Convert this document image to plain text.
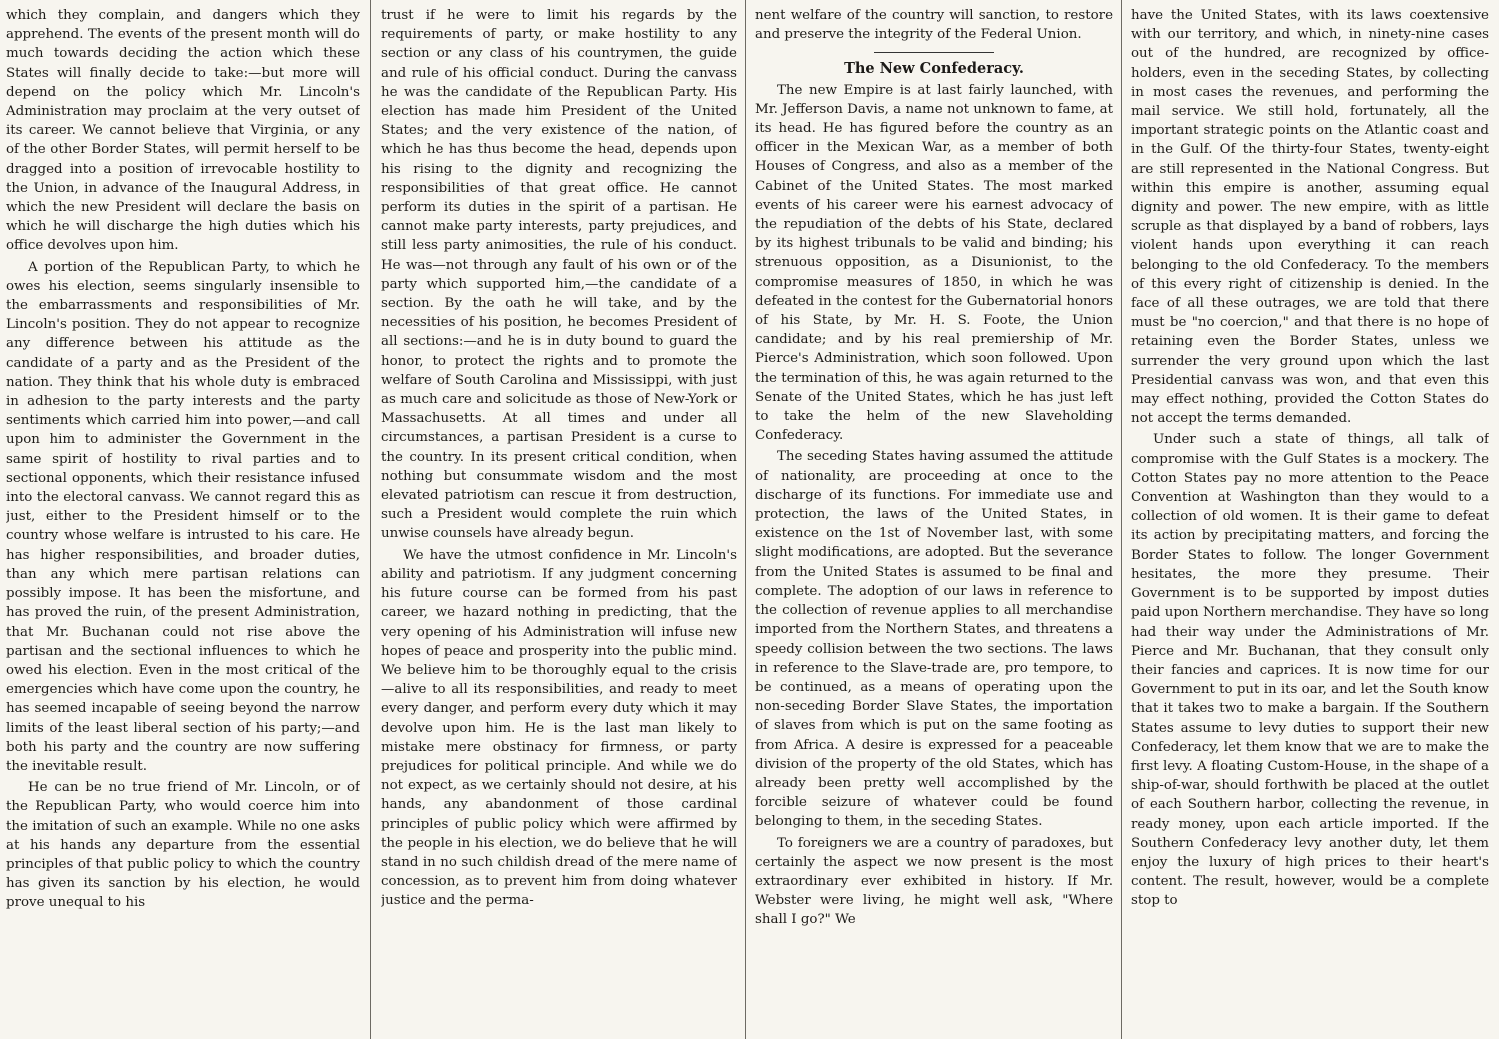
which they complain, and dangers which they apprehend. The events of the present month will do much towards deciding the action which these States will finally decide to take:—but more will depend on the policy which Mr. Lincoln's Administration may proclaim at the very outset of its career. We cannot believe that Virginia, or any of the other Border States, will permit herself to be dragged into a position of irrevocable hostility to the Union, in advance of the Inaugural Address, in which the new President will declare the basis on which he will discharge the high duties which his office devolves upon him.

A portion of the Republican Party, to which he owes his election, seems singularly insensible to the embarrassments and responsibilities of Mr. Lincoln's position. They do not appear to recognize any difference between his attitude as the candidate of a party and as the President of the nation. They think that his whole duty is embraced in adhesion to the party interests and the party sentiments which carried him into power,—and call upon him to administer the Government in the same spirit of hostility to rival parties and to sectional opponents, which their resistance infused into the electoral canvass. We cannot regard this as just, either to the President himself or to the country whose welfare is intrusted to his care. He has higher responsibilities, and broader duties, than any which mere partisan relations can possibly impose. It has been the misfortune, and has proved the ruin, of the present Administration, that Mr. Buchanan could not rise above the partisan and the sectional influences to which he owed his election. Even in the most critical of the emergencies which have come upon the country, he has seemed incapable of seeing beyond the narrow limits of the least liberal section of his party;—and both his party and the country are now suffering the inevitable result.

He can be no true friend of Mr. Lincoln, or of the Republican Party, who would coerce him into the imitation of such an example. While no one asks at his hands any departure from the essential principles of that public policy to which the country has given its sanction by his election, he would prove unequal to his

trust if he were to limit his regards by the requirements of party, or make hostility to any section or any class of his countrymen, the guide and rule of his official conduct. During the canvass he was the candidate of the Republican Party. His election has made him President of the United States; and the very existence of the nation, of which he has thus become the head, depends upon his rising to the dignity and recognizing the responsibilities of that great office. He cannot perform its duties in the spirit of a partisan. He cannot make party interests, party prejudices, and still less party animosities, the rule of his conduct. He was—not through any fault of his own or of the party which supported him,—the candidate of a section. By the oath he will take, and by the necessities of his position, he becomes President of all sections:—and he is in duty bound to guard the honor, to protect the rights and to promote the welfare of South Carolina and Mississippi, with just as much care and solicitude as those of New-York or Massachusetts. At all times and under all circumstances, a partisan President is a curse to the country. In its present critical condition, when nothing but consummate wisdom and the most elevated patriotism can rescue it from destruction, such a President would complete the ruin which unwise counsels have already begun.

We have the utmost confidence in Mr. Lincoln's ability and patriotism. If any judgment concerning his future course can be formed from his past career, we hazard nothing in predicting, that the very opening of his Administration will infuse new hopes of peace and prosperity into the public mind. We believe him to be thoroughly equal to the crisis—alive to all its responsibilities, and ready to meet every danger, and perform every duty which it may devolve upon him. He is the last man likely to mistake mere obstinacy for firmness, or party prejudices for political principle. And while we do not expect, as we certainly should not desire, at his hands, any abandonment of those cardinal principles of public policy which were affirmed by the people in his election, we do believe that he will stand in no such childish dread of the mere name of concession, as to prevent him from doing whatever justice and the perma-

nent welfare of the country will sanction, to restore and preserve the integrity of the Federal Union.

The New Confederacy.

The new Empire is at last fairly launched, with Mr. Jefferson Davis, a name not unknown to fame, at its head. He has figured before the country as an officer in the Mexican War, as a member of both Houses of Congress, and also as a member of the Cabinet of the United States. The most marked events of his career were his earnest advocacy of the repudiation of the debts of his State, declared by its highest tribunals to be valid and binding; his strenuous opposition, as a Disunionist, to the compromise measures of 1850, in which he was defeated in the contest for the Gubernatorial honors of his State, by Mr. H. S. Foote, the Union candidate; and by his real premiership of Mr. Pierce's Administration, which soon followed. Upon the termination of this, he was again returned to the Senate of the United States, which he has just left to take the helm of the new Slaveholding Confederacy.

The seceding States having assumed the attitude of nationality, are proceeding at once to the discharge of its functions. For immediate use and protection, the laws of the United States, in existence on the 1st of November last, with some slight modifications, are adopted. But the severance from the United States is assumed to be final and complete. The adoption of our laws in reference to the collection of revenue applies to all merchandise imported from the Northern States, and threatens a speedy collision between the two sections. The laws in reference to the Slave-trade are, pro tempore, to be continued, as a means of operating upon the non-seceding Border Slave States, the importation of slaves from which is put on the same footing as from Africa. A desire is expressed for a peaceable division of the property of the old States, which has already been pretty well accomplished by the forcible seizure of whatever could be found belonging to them, in the seceding States.

To foreigners we are a country of paradoxes, but certainly the aspect we now present is the most extraordinary ever exhibited in history. If Mr. Webster were living, he might well ask, "Where shall I go?" We

have the United States, with its laws coextensive with our territory, and which, in ninety-nine cases out of the hundred, are recognized by office-holders, even in the seceding States, by collecting in most cases the revenues, and performing the mail service. We still hold, fortunately, all the important strategic points on the Atlantic coast and in the Gulf. Of the thirty-four States, twenty-eight are still represented in the National Congress. But within this empire is another, assuming equal dignity and power. The new empire, with as little scruple as that displayed by a band of robbers, lays violent hands upon everything it can reach belonging to the old Confederacy. To the members of this every right of citizenship is denied. In the face of all these outrages, we are told that there must be "no coercion," and that there is no hope of retaining even the Border States, unless we surrender the very ground upon which the last Presidential canvass was won, and that even this may effect nothing, provided the Cotton States do not accept the terms demanded.

Under such a state of things, all talk of compromise with the Gulf States is a mockery. The Cotton States pay no more attention to the Peace Convention at Washington than they would to a collection of old women. It is their game to defeat its action by precipitating matters, and forcing the Border States to follow. The longer Government hesitates, the more they presume. Their Government is to be supported by impost duties paid upon Northern merchandise. They have so long had their way under the Administrations of Mr. Pierce and Mr. Buchanan, that they consult only their fancies and caprices. It is now time for our Government to put in its oar, and let the South know that it takes two to make a bargain. If the Southern States assume to levy duties to support their new Confederacy, let them know that we are to make the first levy. A floating Custom-House, in the shape of a ship-of-war, should forthwith be placed at the outlet of each Southern harbor, collecting the revenue, in ready money, upon each article imported. If the Southern Confederacy levy another duty, let them enjoy the luxury of high prices to their heart's content. The result, however, would be a complete stop to
